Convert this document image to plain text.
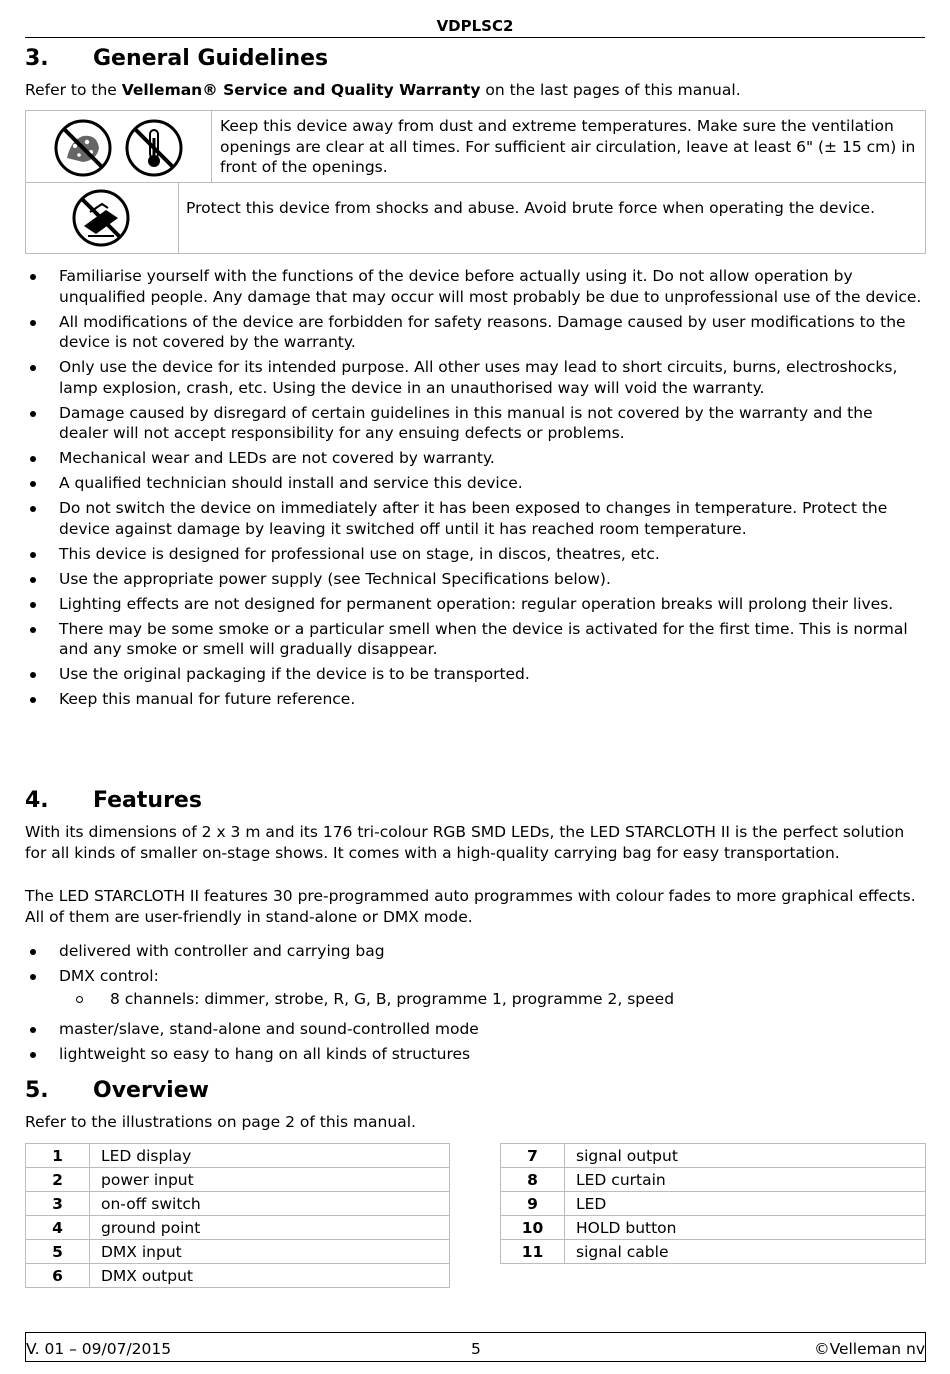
VDPLSC2
3. General Guidelines

Refer to the Velleman® Service and Quality Warranty on the last pages of this manual.

Keep this device away from dust and extreme temperatures. Make sure the ventilation openings are clear at all times. For sufficient air circulation, leave at least 6" (± 15 cm) in front of the openings.
Protect this device from shocks and abuse. Avoid brute force when operating the device.
Familiarise yourself with the functions of the device before actually using it. Do not allow operation by unqualified people. Any damage that may occur will most probably be due to unprofessional use of the device.
All modifications of the device are forbidden for safety reasons. Damage caused by user modifications to the device is not covered by the warranty.
Only use the device for its intended purpose. All other uses may lead to short circuits, burns, electroshocks, lamp explosion, crash, etc. Using the device in an unauthorised way will void the warranty.
Damage caused by disregard of certain guidelines in this manual is not covered by the warranty and the dealer will not accept responsibility for any ensuing defects or problems.
Mechanical wear and LEDs are not covered by warranty.
A qualified technician should install and service this device.
Do not switch the device on immediately after it has been exposed to changes in temperature. Protect the device against damage by leaving it switched off until it has reached room temperature.
This device is designed for professional use on stage, in discos, theatres, etc.
Use the appropriate power supply (see Technical Specifications below).
Lighting effects are not designed for permanent operation: regular operation breaks will prolong their lives.
There may be some smoke or a particular smell when the device is activated for the first time. This is normal and any smoke or smell will gradually disappear.
Use the original packaging if the device is to be transported.
Keep this manual for future reference.
4. Features

With its dimensions of 2 x 3 m and its 176 tri-colour RGB SMD LEDs, the LED STARCLOTH II is the perfect solution for all kinds of smaller on-stage shows. It comes with a high-quality carrying bag for easy transportation.

The LED STARCLOTH II features 30 pre-programmed auto programmes with colour fades to more graphical effects. All of them are user-friendly in stand-alone or DMX mode.

delivered with controller and carrying bag
DMX control:
8 channels: dimmer, strobe, R, G, B, programme 1, programme 2, speed
master/slave, stand-alone and sound-controlled mode
lightweight so easy to hang on all kinds of structures
5. Overview

Refer to the illustrations on page 2 of this manual.

1	LED display
2	power input
3	on-off switch
4	ground point
5	DMX input
6	DMX output
7	signal output
8	LED curtain
9	LED
10	HOLD button
11	signal cable
V. 01 – 09/07/2015	5	©Velleman nv
